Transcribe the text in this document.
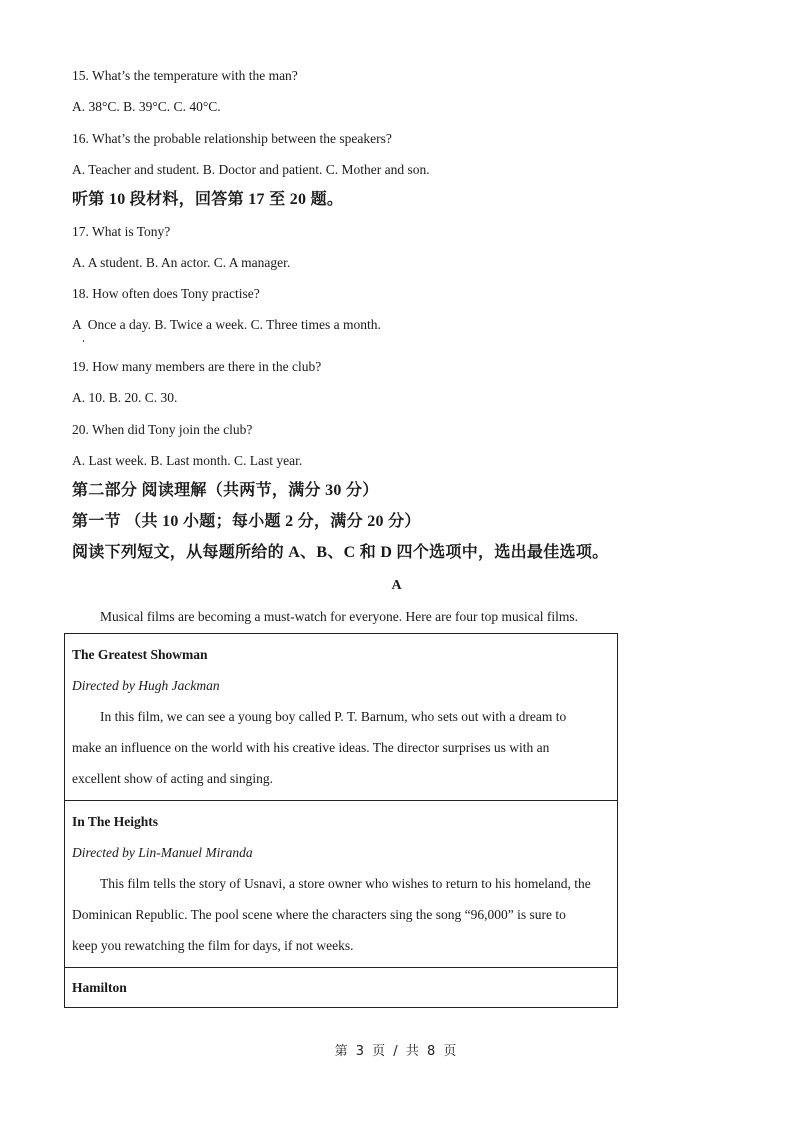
15. What’s the temperature with the man?
A. 38°C. B. 39°C. C. 40°C.
16. What’s the probable relationship between the speakers?
A. Teacher and student. B. Doctor and patient. C. Mother and son.
听第 10 段材料，回答第 17 至 20 题。
17. What is Tony?
A. A student. B. An actor. C. A manager.
18. How often does Tony practise?
A  Once a day. B. Twice a week. C. Three times a month.
19. How many members are there in the club?
A. 10. B. 20. C. 30.
20. When did Tony join the club?
A. Last week. B. Last month. C. Last year.
第二部分 阅读理解（共两节，满分 30 分）
第一节 （共 10 小题；每小题 2 分，满分 20 分）
阅读下列短文，从每题所给的 A、B、C 和 D 四个选项中，选出最佳选项。
A
Musical films are becoming a must-watch for everyone. Here are four top musical films.
The Greatest Showman
Directed by Hugh Jackman
In this film, we can see a young boy called P. T. Barnum, who sets out with a dream to
make an influence on the world with his creative ideas. The director surprises us with an
excellent show of acting and singing.
In The Heights
Directed by Lin-Manuel Miranda
This film tells the story of Usnavi, a store owner who wishes to return to his homeland, the
Dominican Republic. The pool scene where the characters sing the song “96,000” is sure to
keep you rewatching the film for days, if not weeks.
Hamilton
第 3 页 / 共 8 页
